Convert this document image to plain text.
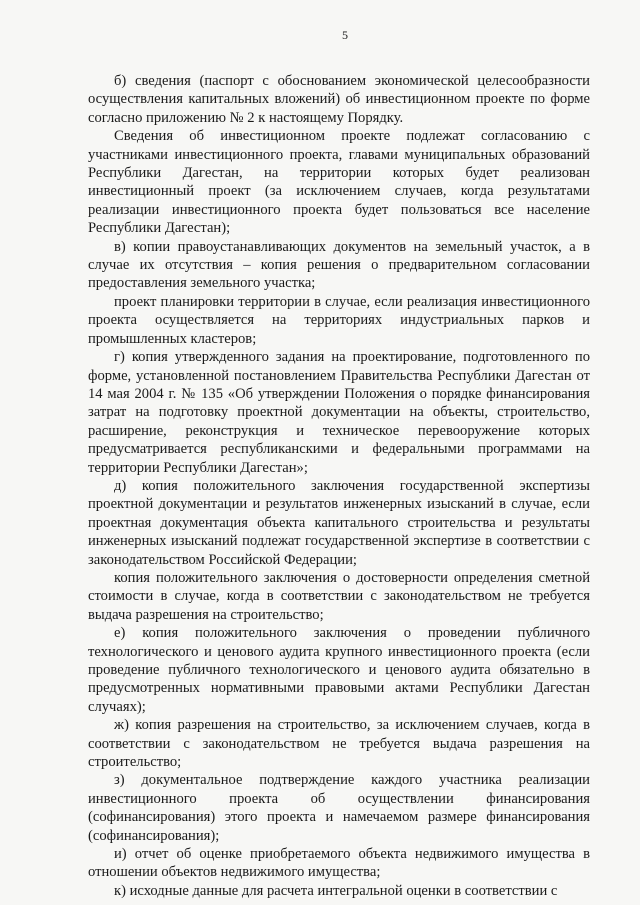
5

б) сведения (паспорт с обоснованием экономической целесообразности осуществления капитальных вложений) об инвестиционном проекте по форме согласно приложению № 2 к настоящему Порядку.

Сведения об инвестиционном проекте подлежат согласованию с участниками инвестиционного проекта, главами муниципальных образований Республики Дагестан, на территории которых будет реализован инвестиционный проект (за исключением случаев, когда результатами реализации инвестиционного проекта будет пользоваться все население Республики Дагестан);

в) копии правоустанавливающих документов на земельный участок, а в случае их отсутствия – копия решения о предварительном согласовании предоставления земельного участка;

проект планировки территории в случае, если реализация инвестиционного проекта осуществляется на территориях индустриальных парков и промышленных кластеров;

г) копия утвержденного задания на проектирование, подготовленного по форме, установленной постановлением Правительства Республики Дагестан от 14 мая 2004 г. № 135 «Об утверждении Положения о порядке финансирования затрат на подготовку проектной документации на объекты, строительство, расширение, реконструкция и техническое перевооружение которых предусматривается республиканскими и федеральными программами на территории Республики Дагестан»;

д) копия положительного заключения государственной экспертизы проектной документации и результатов инженерных изысканий в случае, если проектная документация объекта капитального строительства и результаты инженерных изысканий подлежат государственной экспертизе в соответствии с законодательством Российской Федерации;

копия положительного заключения о достоверности определения сметной стоимости в случае, когда в соответствии с законодательством не требуется выдача разрешения на строительство;

е) копия положительного заключения о проведении публичного технологического и ценового аудита крупного инвестиционного проекта (если проведение публичного технологического и ценового аудита обязательно в предусмотренных нормативными правовыми актами Республики Дагестан случаях);

ж) копия разрешения на строительство, за исключением случаев, когда в соответствии с законодательством не требуется выдача разрешения на строительство;

з) документальное подтверждение каждого участника реализации инвестиционного проекта об осуществлении финансирования (софинансирования) этого проекта и намечаемом размере финансирования (софинансирования);

и) отчет об оценке приобретаемого объекта недвижимого имущества в отношении объектов недвижимого имущества;

к) исходные данные для расчета интегральной оценки в соответствии с
